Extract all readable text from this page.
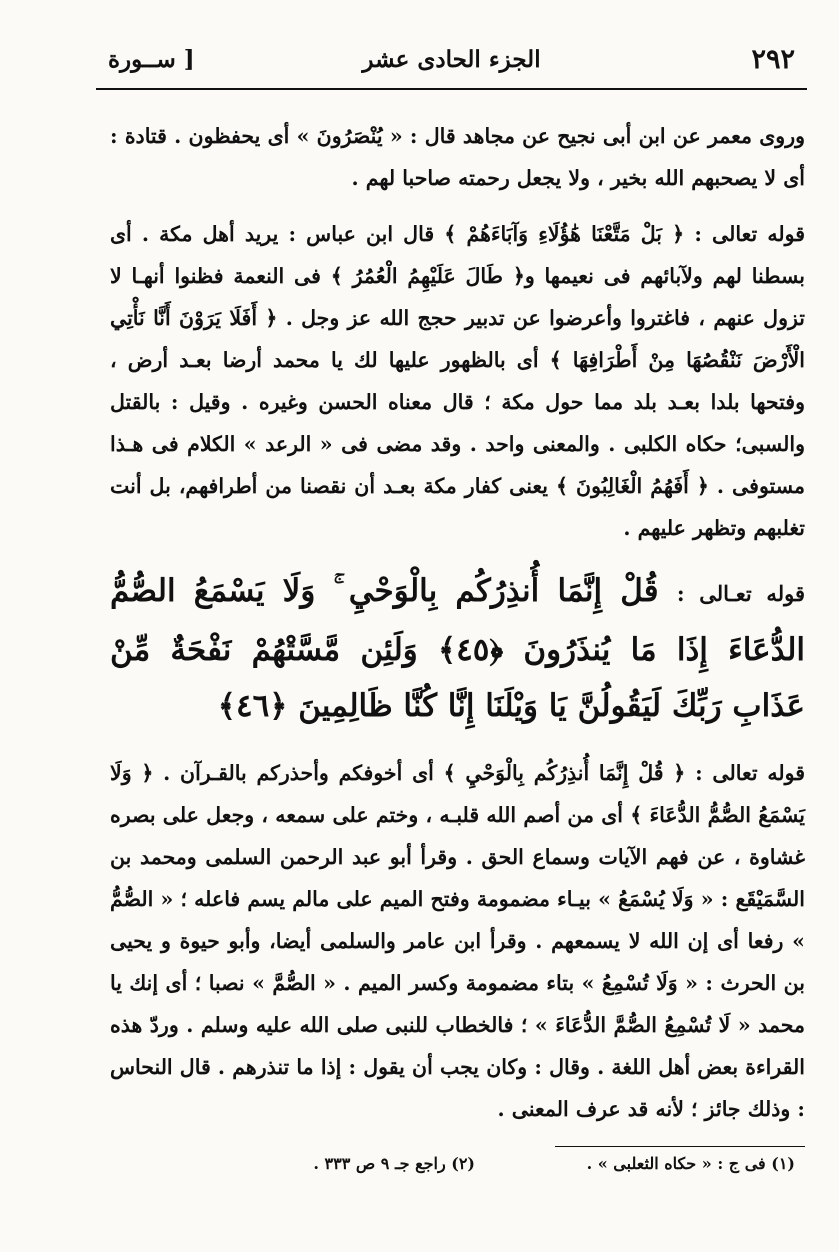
٢٩٢
الجزء الحادى عشر
[ ســورة

وروى معمر عن ابن أبى نجيح عن مجاهد قال : « يُنْصَرُونَ » أى يحفظون . قتادة : أى لا يصحبهم الله بخير ، ولا يجعل رحمته صاحبا لهم .

قوله تعالى : ﴿ بَلْ مَتَّعْنَا هَٰؤُلَاءِ وَآبَاءَهُمْ ﴾ قال ابن عباس : يريد أهل مكة . أى بسطنا لهم ولآبائهم فى نعيمها و﴿ طَالَ عَلَيْهِمُ الْعُمُرُ ﴾ فى النعمة فظنوا أنهـا لا تزول عنهم ، فاغتروا وأعرضوا عن تدبير حجج الله عز وجل . ﴿ أَفَلَا يَرَوْنَ أَنَّا نَأْتِي الْأَرْضَ نَنْقُصُهَا مِنْ أَطْرَافِهَا ﴾ أى بالظهور عليها لك يا محمد أرضا بعـد أرض ، وفتحها بلدا بعـد بلد مما حول مكة ؛ قال معناه الحسن وغيره . وقيل : بالقتل والسبى؛ حكاه الكلبى . والمعنى واحد . وقد مضى فى « الرعد » الكلام فى هـذا مستوفى . ﴿ أَفَهُمُ الْغَالِبُونَ ﴾ يعنى كفار مكة بعـد أن نقصنا من أطرافهم، بل أنت تغلبهم وتظهر عليهم .

قوله تعـالى : قُلْ إِنَّمَا أُنذِرُكُم بِالْوَحْيِ ۚ وَلَا يَسْمَعُ الصُّمُّ الدُّعَاءَ إِذَا مَا يُنذَرُونَ ﴿٤٥﴾ وَلَئِن مَّسَّتْهُمْ نَفْحَةٌ مِّنْ عَذَابِ رَبِّكَ لَيَقُولُنَّ يَا وَيْلَنَا إِنَّا كُنَّا ظَالِمِينَ ﴿٤٦﴾

قوله تعالى : ﴿ قُلْ إِنَّمَا أُنذِرُكُم بِالْوَحْيِ ﴾ أى أخوفكم وأحذركم بالقـرآن . ﴿ وَلَا يَسْمَعُ الصُّمُّ الدُّعَاءَ ﴾ أى من أصم الله قلبـه ، وختم على سمعه ، وجعل على بصره غشاوة ، عن فهم الآيات وسماع الحق . وقرأ أبو عبد الرحمن السلمى ومحمد بن السَّمَيْقَع : « وَلَا يُسْمَعُ » بيـاء مضمومة وفتح الميم على مالم يسم فاعله ؛ « الصُّمُّ » رفعا أى إن الله لا يسمعهم . وقرأ ابن عامر والسلمى أيضا، وأبو حيوة و يحيى بن الحرث : « وَلَا تُسْمِعُ » بتاء مضمومة وكسر الميم . « الصُّمَّ » نصبا ؛ أى إنك يا محمد « لَا تُسْمِعُ الصُّمَّ الدُّعَاءَ » ؛ فالخطاب للنبى صلى الله عليه وسلم . وردّ هذه القراءة بعض أهل اللغة . وقال : وكان يجب أن يقول : إذا ما تنذرهم . قال النحاس : وذلك جائز ؛ لأنه قد عرف المعنى .

(١) فى ج : « حكاه الثعلبى » .
(٢) راجع جـ ٩ ص ٣٣٣ .
